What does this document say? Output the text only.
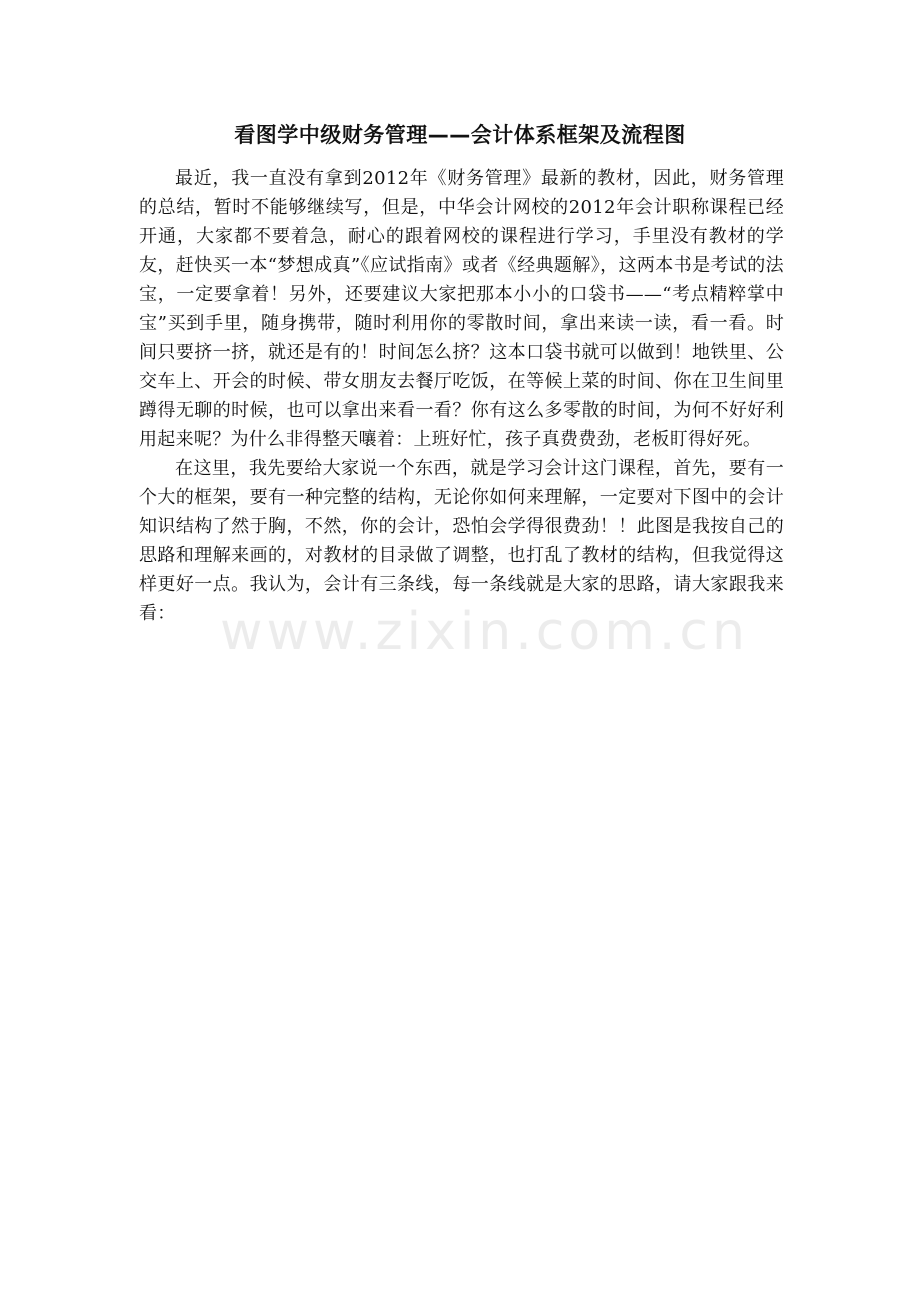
看图学中级财务管理——会计体系框架及流程图

最近，我一直没有拿到2012年《财务管理》最新的教材，因此，财务管理的总结，暂时不能够继续写，但是，中华会计网校的2012年会计职称课程已经开通，大家都不要着急，耐心的跟着网校的课程进行学习，手里没有教材的学友，赶快买一本“梦想成真”《应试指南》或者《经典题解》，这两本书是考试的法宝，一定要拿着！另外，还要建议大家把那本小小的口袋书——“考点精粹掌中宝”买到手里，随身携带，随时利用你的零散时间，拿出来读一读，看一看。时间只要挤一挤，就还是有的！时间怎么挤？这本口袋书就可以做到！地铁里、公交车上、开会的时候、带女朋友去餐厅吃饭，在等候上菜的时间、你在卫生间里蹲得无聊的时候，也可以拿出来看一看？你有这么多零散的时间，为何不好好利用起来呢？为什么非得整天嚷着：上班好忙，孩子真费费劲，老板盯得好死。

在这里，我先要给大家说一个东西，就是学习会计这门课程，首先，要有一个大的框架，要有一种完整的结构，无论你如何来理解，一定要对下图中的会计知识结构了然于胸，不然，你的会计，恐怕会学得很费劲！！此图是我按自己的思路和理解来画的，对教材的目录做了调整，也打乱了教材的结构，但我觉得这样更好一点。我认为，会计有三条线，每一条线就是大家的思路，请大家跟我来看： www.zixin.com.cn
